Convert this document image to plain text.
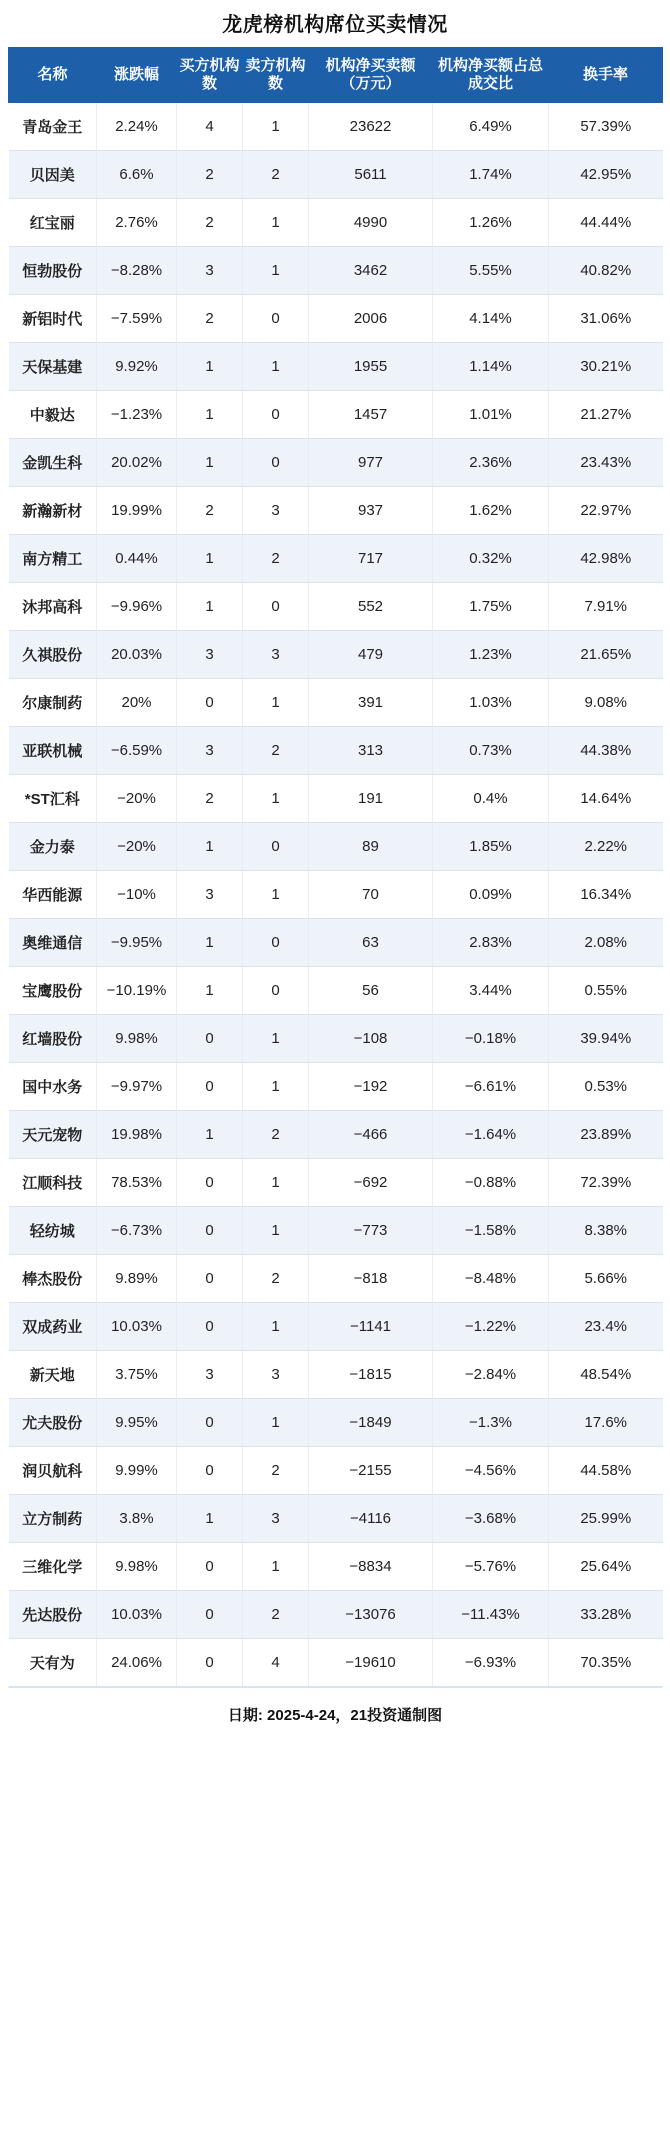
龙虎榜机构席位买卖情况
名称	涨跌幅	买方机构数	卖方机构数	机构净买卖额（万元）	机构净买额占总成交比	换手率
青岛金王	2.24%	4	1	23622	6.49%	57.39%
贝因美	6.6%	2	2	5611	1.74%	42.95%
红宝丽	2.76%	2	1	4990	1.26%	44.44%
恒勃股份	−8.28%	3	1	3462	5.55%	40.82%
新铝时代	−7.59%	2	0	2006	4.14%	31.06%
天保基建	9.92%	1	1	1955	1.14%	30.21%
中毅达	−1.23%	1	0	1457	1.01%	21.27%
金凯生科	20.02%	1	0	977	2.36%	23.43%
新瀚新材	19.99%	2	3	937	1.62%	22.97%
南方精工	0.44%	1	2	717	0.32%	42.98%
沐邦高科	−9.96%	1	0	552	1.75%	7.91%
久祺股份	20.03%	3	3	479	1.23%	21.65%
尔康制药	20%	0	1	391	1.03%	9.08%
亚联机械	−6.59%	3	2	313	0.73%	44.38%
*ST汇科	−20%	2	1	191	0.4%	14.64%
金力泰	−20%	1	0	89	1.85%	2.22%
华西能源	−10%	3	1	70	0.09%	16.34%
奥维通信	−9.95%	1	0	63	2.83%	2.08%
宝鹰股份	−10.19%	1	0	56	3.44%	0.55%
红墙股份	9.98%	0	1	−108	−0.18%	39.94%
国中水务	−9.97%	0	1	−192	−6.61%	0.53%
天元宠物	19.98%	1	2	−466	−1.64%	23.89%
江顺科技	78.53%	0	1	−692	−0.88%	72.39%
轻纺城	−6.73%	0	1	−773	−1.58%	8.38%
棒杰股份	9.89%	0	2	−818	−8.48%	5.66%
双成药业	10.03%	0	1	−1141	−1.22%	23.4%
新天地	3.75%	3	3	−1815	−2.84%	48.54%
尤夫股份	9.95%	0	1	−1849	−1.3%	17.6%
润贝航科	9.99%	0	2	−2155	−4.56%	44.58%
立方制药	3.8%	1	3	−4116	−3.68%	25.99%
三维化学	9.98%	0	1	−8834	−5.76%	25.64%
先达股份	10.03%	0	2	−13076	−11.43%	33.28%
天有为	24.06%	0	4	−19610	−6.93%	70.35%
日期: 2025-4-24，21投资通制图
